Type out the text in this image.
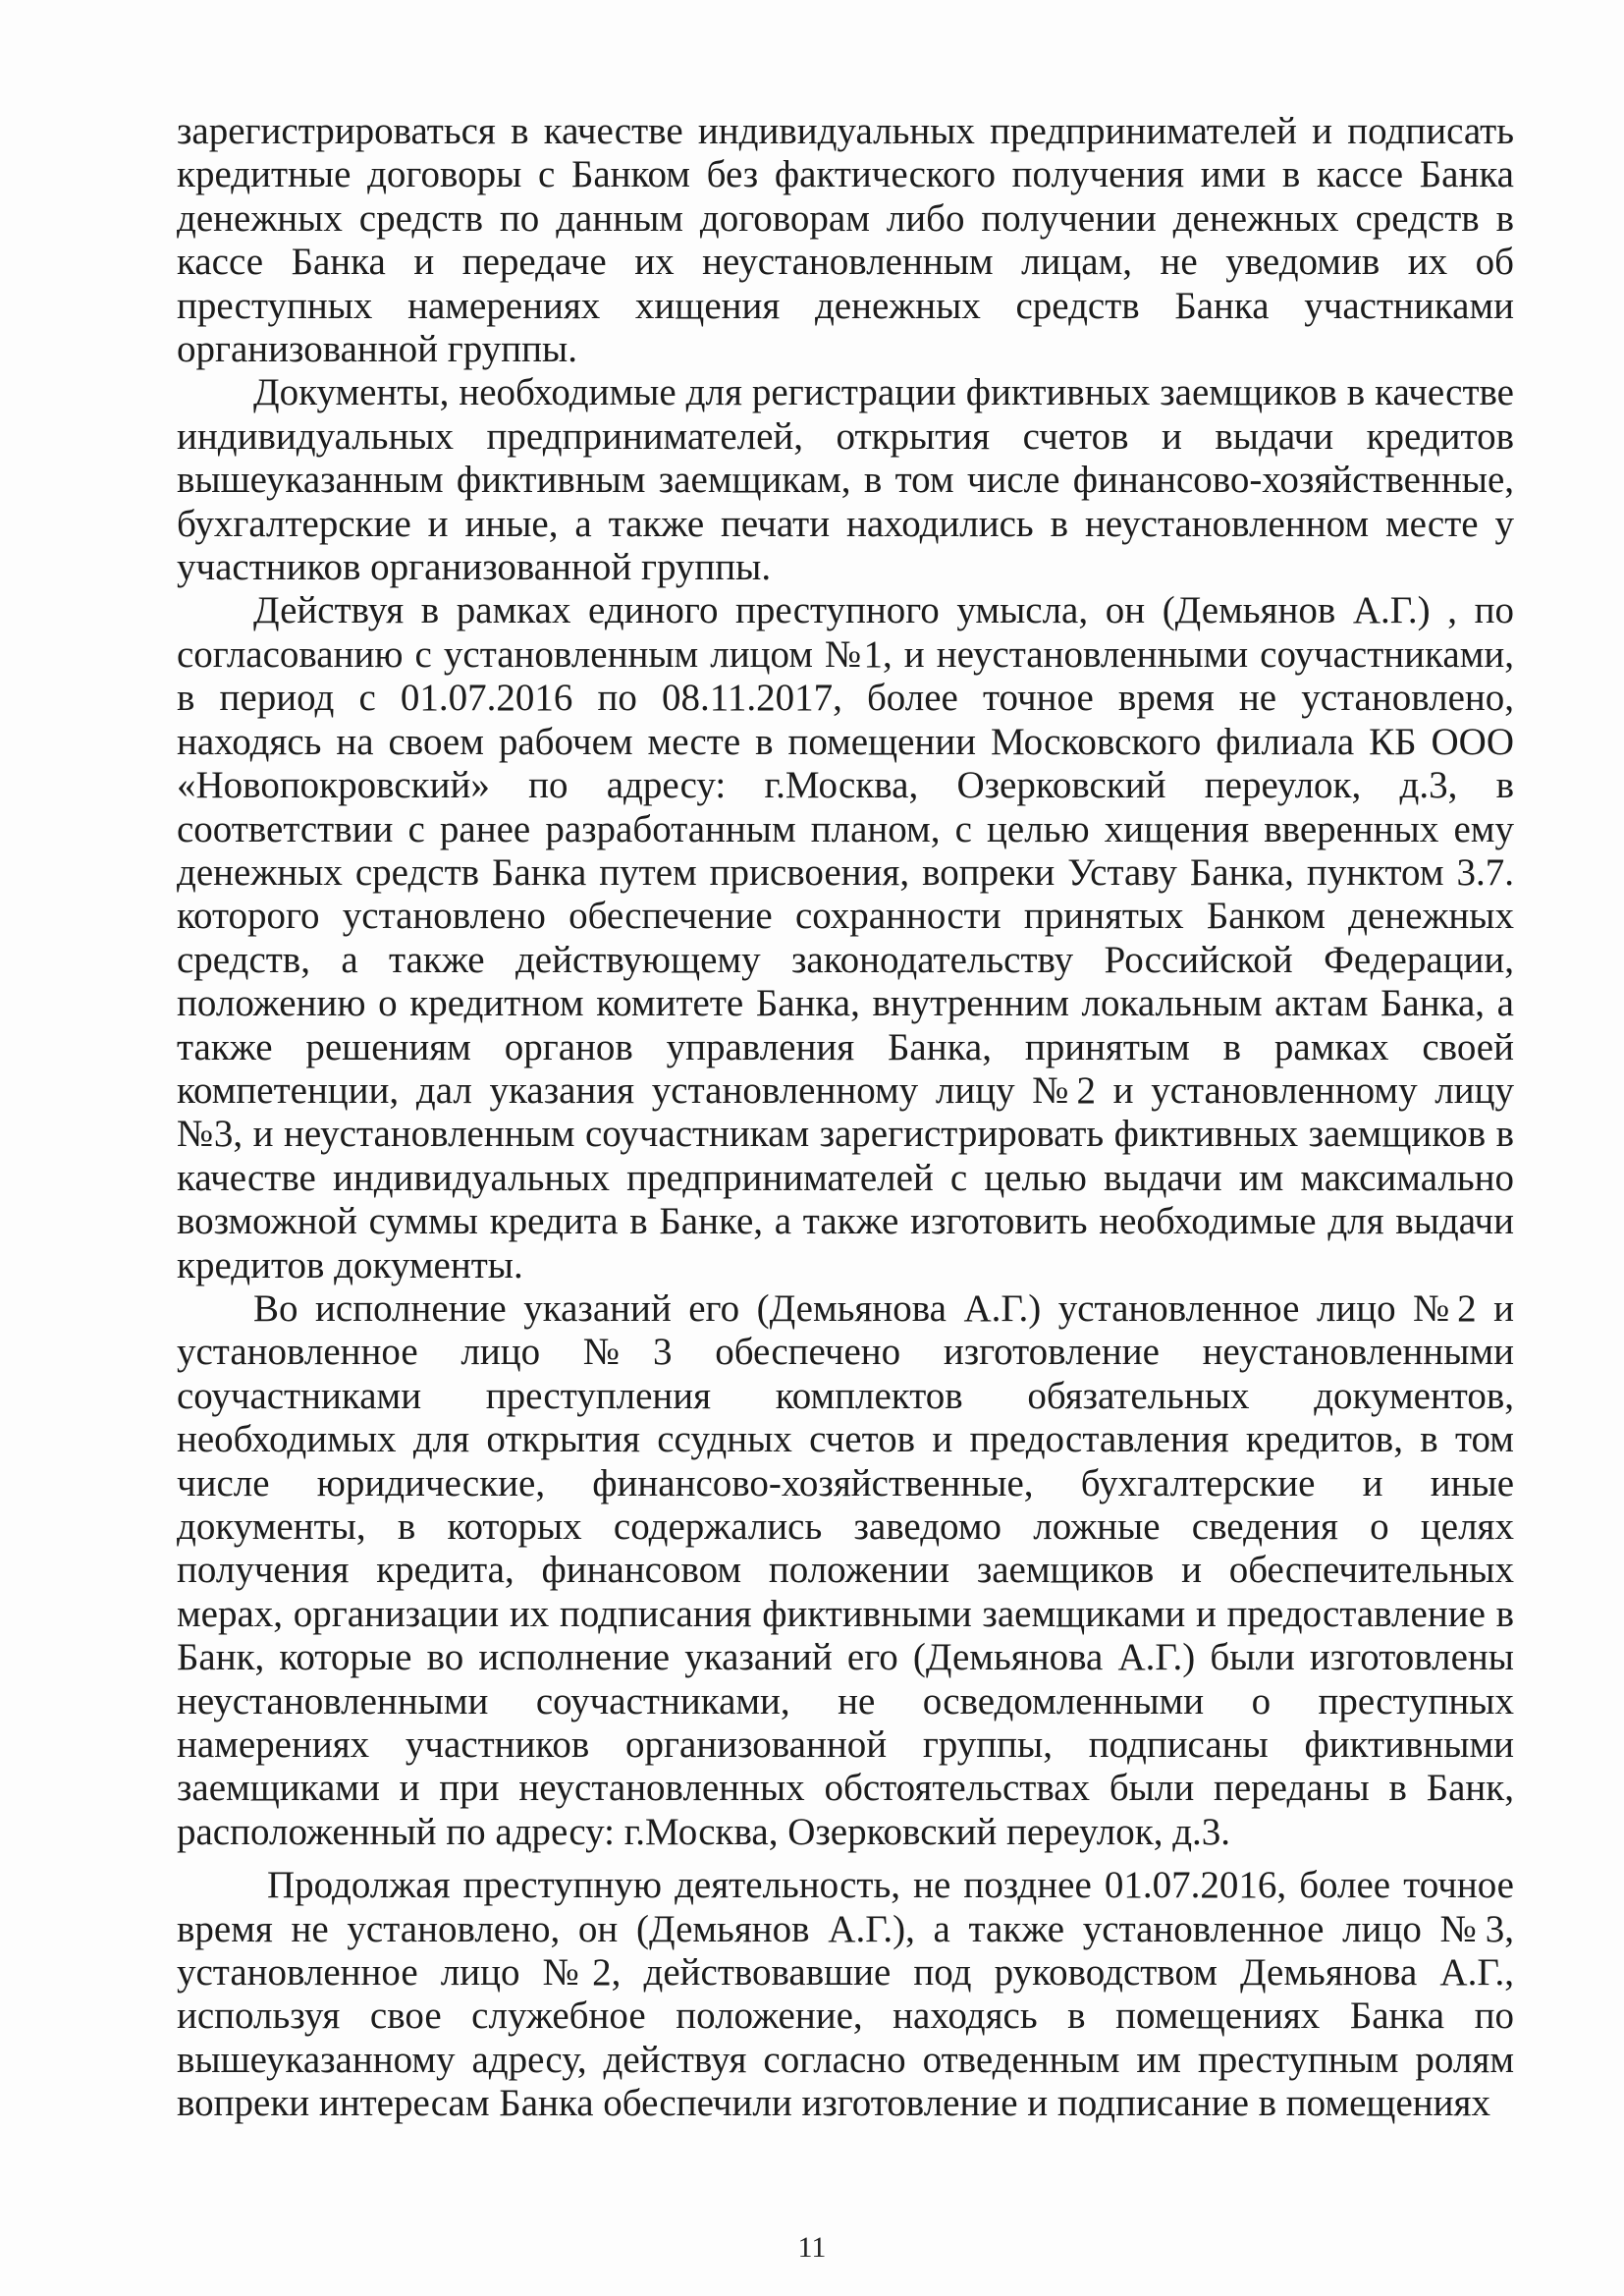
зарегистрироваться в качестве индивидуальных предпринимателей и подписать кредитные договоры с Банком без фактического получения ими в кассе Банка денежных средств по данным договорам либо получении денежных средств в кассе Банка и передаче их неустановленным лицам, не уведомив их об преступных намерениях хищения денежных средств Банка участниками организованной группы.

Документы, необходимые для регистрации фиктивных заемщиков в качестве индивидуальных предпринимателей, открытия счетов и выдачи кредитов вышеуказанным фиктивным заемщикам, в том числе финансово-хозяйственные, бухгалтерские и иные, а также печати находились в неустановленном месте у участников организованной группы.

Действуя в рамках единого преступного умысла, он (Демьянов А.Г.) , по согласованию с установленным лицом №1, и неустановленными соучастниками, в период с 01.07.2016 по 08.11.2017, более точное время не установлено, находясь на своем рабочем месте в помещении Московского филиала КБ ООО «Новопокровский» по адресу: г.Москва, Озерковский переулок, д.3, в соответствии с ранее разработанным планом, с целью хищения вверенных ему денежных средств Банка путем присвоения, вопреки Уставу Банка, пунктом 3.7. которого установлено обеспечение сохранности принятых Банком денежных средств, а также действующему законодательству Российской Федерации, положению о кредитном комитете Банка, внутренним локальным актам Банка, а также решениям органов управления Банка, принятым в рамках своей компетенции, дал указания установленному лицу №2 и установленному лицу №3, и неустановленным соучастникам зарегистрировать фиктивных заемщиков в качестве индивидуальных предпринимателей с целью выдачи им максимально возможной суммы кредита в Банке, а также изготовить необходимые для выдачи кредитов документы.

Во исполнение указаний его (Демьянова А.Г.) установленное лицо №2 и установленное лицо №3 обеспечено изготовление неустановленными соучастниками преступления комплектов обязательных документов, необходимых для открытия ссудных счетов и предоставления кредитов, в том числе юридические, финансово-хозяйственные, бухгалтерские и иные документы, в которых содержались заведомо ложные сведения о целях получения кредита, финансовом положении заемщиков и обеспечительных мерах, организации их подписания фиктивными заемщиками и предоставление в Банк, которые во исполнение указаний его (Демьянова А.Г.) были изготовлены неустановленными соучастниками, не осведомленными о преступных намерениях участников организованной группы, подписаны фиктивными заемщиками и при неустановленных обстоятельствах были переданы в Банк, расположенный по адресу: г.Москва, Озерковский переулок, д.3.

Продолжая преступную деятельность, не позднее 01.07.2016, более точное время не установлено, он (Демьянов А.Г.), а также установленное лицо №3, установленное лицо №2, действовавшие под руководством Демьянова А.Г., используя свое служебное положение, находясь в помещениях Банка по вышеуказанному адресу, действуя согласно отведенным им преступным ролям вопреки интересам Банка обеспечили изготовление и подписание в помещениях

11
